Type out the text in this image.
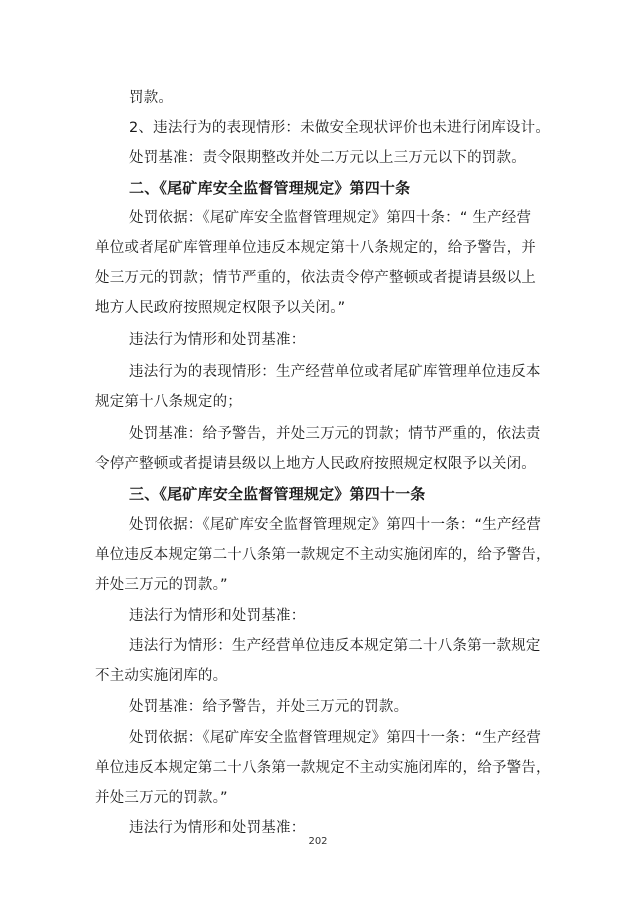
罚款。
2、违法行为的表现情形：未做安全现状评价也未进行闭库设计。
处罚基准：责令限期整改并处二万元以上三万元以下的罚款。
二、《尾矿库安全监督管理规定》第四十条
处罚依据：《尾矿库安全监督管理规定》第四十条：“ 生产经营
单位或者尾矿库管理单位违反本规定第十八条规定的，给予警告，并
处三万元的罚款；情节严重的，依法责令停产整顿或者提请县级以上
地方人民政府按照规定权限予以关闭。”
违法行为情形和处罚基准：
违法行为的表现情形：生产经营单位或者尾矿库管理单位违反本
规定第十八条规定的；
处罚基准：给予警告，并处三万元的罚款；情节严重的，依法责
令停产整顿或者提请县级以上地方人民政府按照规定权限予以关闭。
三、《尾矿库安全监督管理规定》第四十一条
处罚依据：《尾矿库安全监督管理规定》第四十一条：“生产经营
单位违反本规定第二十八条第一款规定不主动实施闭库的，给予警告，
并处三万元的罚款。”
违法行为情形和处罚基准：
违法行为情形：生产经营单位违反本规定第二十八条第一款规定
不主动实施闭库的。
处罚基准：给予警告，并处三万元的罚款。
处罚依据：《尾矿库安全监督管理规定》第四十一条：“生产经营
单位违反本规定第二十八条第一款规定不主动实施闭库的，给予警告，
并处三万元的罚款。”
违法行为情形和处罚基准：
202
